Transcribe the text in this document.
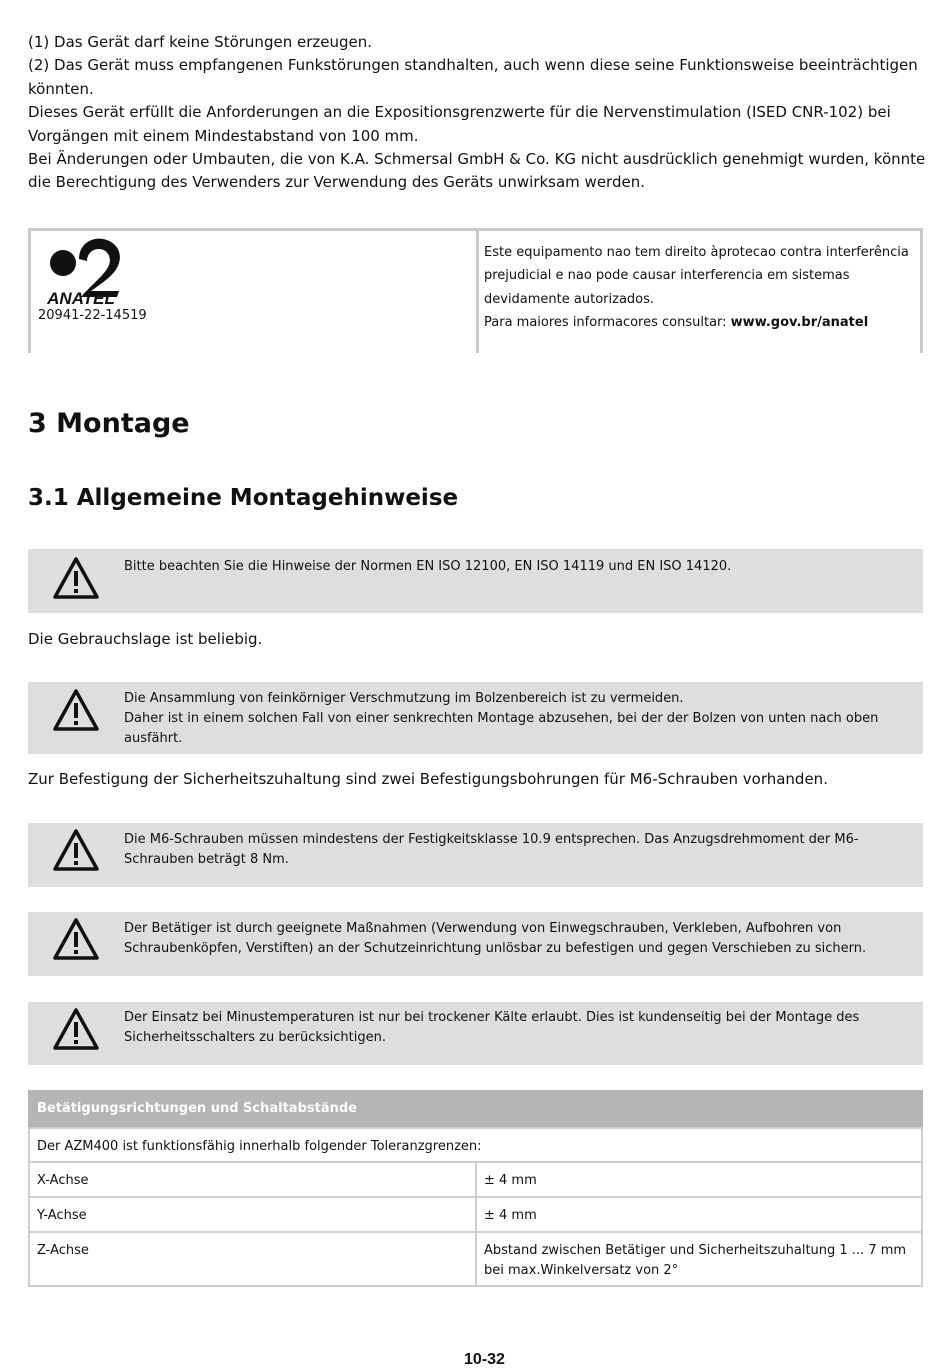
(1) Das Gerät darf keine Störungen erzeugen.

(2) Das Gerät muss empfangenen Funkstörungen standhalten, auch wenn diese seine Funktionsweise beeinträchtigen könnten.

Dieses Gerät erfüllt die Anforderungen an die Expositionsgrenzwerte für die Nervenstimulation (ISED CNR-102) bei Vorgängen mit einem Mindestabstand von 100 mm.

Bei Änderungen oder Umbauten, die von K.A. Schmersal GmbH & Co. KG nicht ausdrücklich genehmigt wurden, könnte die Berechtigung des Verwenders zur Verwendung des Geräts unwirksam werden.

ANATEL
20941-22-14519

Este equipamento nao tem direito àprotecao contra interferência prejudicial e nao pode causar interferencia em sistemas devidamente autorizados.

Para maiores informacores consultar: www.gov.br/anatel

3 Montage
3.1 Allgemeine Montagehinweise

Bitte beachten Sie die Hinweise der Normen EN ISO 12100, EN ISO 14119 und EN ISO 14120.

Die Gebrauchslage ist beliebig.

Die Ansammlung von feinkörniger Verschmutzung im Bolzenbereich ist zu vermeiden.

Daher ist in einem solchen Fall von einer senkrechten Montage abzusehen, bei der der Bolzen von unten nach oben ausfährt.

Zur Befestigung der Sicherheitszuhaltung sind zwei Befestigungsbohrungen für M6-Schrauben vorhanden.

Die M6-Schrauben müssen mindestens der Festigkeitsklasse 10.9 entsprechen. Das Anzugsdrehmoment der M6-Schrauben beträgt 8 Nm.

Der Betätiger ist durch geeignete Maßnahmen (Verwendung von Einwegschrauben, Verkleben, Aufbohren von Schraubenköpfen, Verstiften) an der Schutzeinrichtung unlösbar zu befestigen und gegen Verschieben zu sichern.

Der Einsatz bei Minustemperaturen ist nur bei trockener Kälte erlaubt. Dies ist kundenseitig bei der Montage des Sicherheitsschalters zu berücksichtigen.

Betätigungsrichtungen und Schaltabstände
Der AZM400 ist funktionsfähig innerhalb folgender Toleranzgrenzen:
X-Achse	± 4 mm
Y-Achse	± 4 mm
Z-Achse	Abstand zwischen Betätiger und Sicherheitszuhaltung 1 ... 7 mm bei max.Winkelversatz von 2°
10-32
